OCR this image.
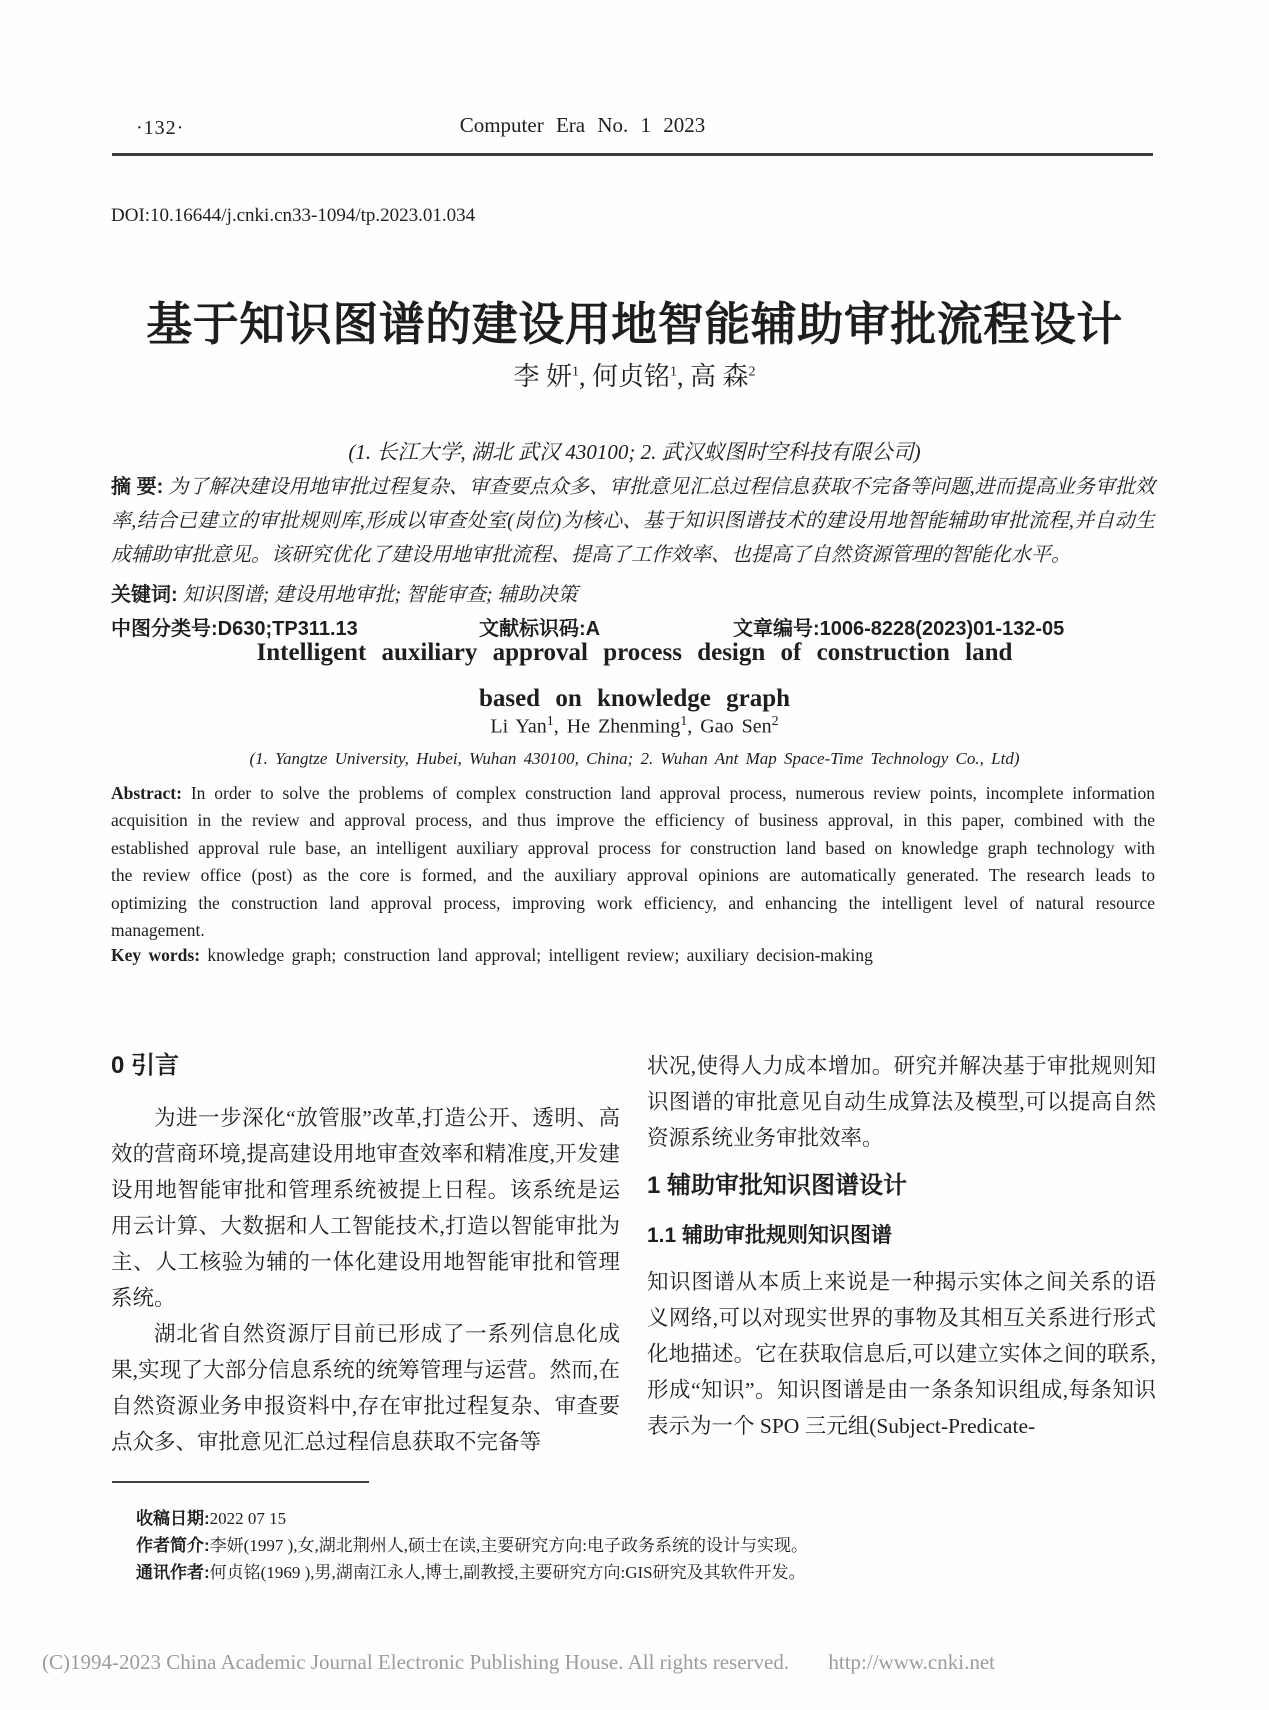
·132·	Computer Era No. 1 2023
DOI:10.16644/j.cnki.cn33-1094/tp.2023.01.034
基于知识图谱的建设用地智能辅助审批流程设计
李 妍$^1$, 何贞铭$^1$, 高 森$^2$
(1. 长江大学, 湖北 武汉 430100; 2. 武汉蚁图时空科技有限公司)
摘 要: 为了解决建设用地审批过程复杂、审查要点众多、审批意见汇总过程信息获取不完备等问题,进而提高业务审批效率,结合已建立的审批规则库,形成以审查处室(岗位)为核心、基于知识图谱技术的建设用地智能辅助审批流程,并自动生成辅助审批意见。该研究优化了建设用地审批流程、提高了工作效率、也提高了自然资源管理的智能化水平。
关键词: 知识图谱; 建设用地审批; 智能审查; 辅助决策
中图分类号:D630;TP311.13	文献标识码:A	文章编号:1006-8228(2023)01-132-05
Intelligent auxiliary approval process design of construction land
based on knowledge graph
Li Yan$^1$, He Zhenming$^1$, Gao Sen$^2$
(1. Yangtze University, Hubei, Wuhan 430100, China; 2. Wuhan Ant Map Space-Time Technology Co., Ltd)
Abstract: In order to solve the problems of complex construction land approval process, numerous review points, incomplete information acquisition in the review and approval process, and thus improve the efficiency of business approval, in this paper, combined with the established approval rule base, an intelligent auxiliary approval process for construction land based on knowledge graph technology with the review office (post) as the core is formed, and the auxiliary approval opinions are automatically generated. The research leads to optimizing the construction land approval process, improving work efficiency, and enhancing the intelligent level of natural resource management.
Key words: knowledge graph; construction land approval; intelligent review; auxiliary decision-making
0 引言

为进一步深化“放管服”改革,打造公开、透明、高效的营商环境,提高建设用地审查效率和精准度,开发建设用地智能审批和管理系统被提上日程。该系统是运用云计算、大数据和人工智能技术,打造以智能审批为主、人工核验为辅的一体化建设用地智能审批和管理系统。

湖北省自然资源厅目前已形成了一系列信息化成果,实现了大部分信息系统的统筹管理与运营。然而,在自然资源业务申报资料中,存在审批过程复杂、审查要点众多、审批意见汇总过程信息获取不完备等

状况,使得人力成本增加。研究并解决基于审批规则知识图谱的审批意见自动生成算法及模型,可以提高自然资源系统业务审批效率。

1 辅助审批知识图谱设计
1.1 辅助审批规则知识图谱

知识图谱从本质上来说是一种揭示实体之间关系的语义网络,可以对现实世界的事物及其相互关系进行形式化地描述。它在获取信息后,可以建立实体之间的联系,形成“知识”。知识图谱是由一条条知识组成,每条知识表示为一个 SPO 三元组(Subject-Predicate-

收稿日期:2022 07 15
作者简介:李妍(1997 ),女,湖北荆州人,硕士在读,主要研究方向:电子政务系统的设计与实现。
通讯作者:何贞铭(1969 ),男,湖南江永人,博士,副教授,主要研究方向:GIS研究及其软件开发。
(C)1994-2023 China Academic Journal Electronic Publishing House. All rights reserved. http://www.cnki.net
